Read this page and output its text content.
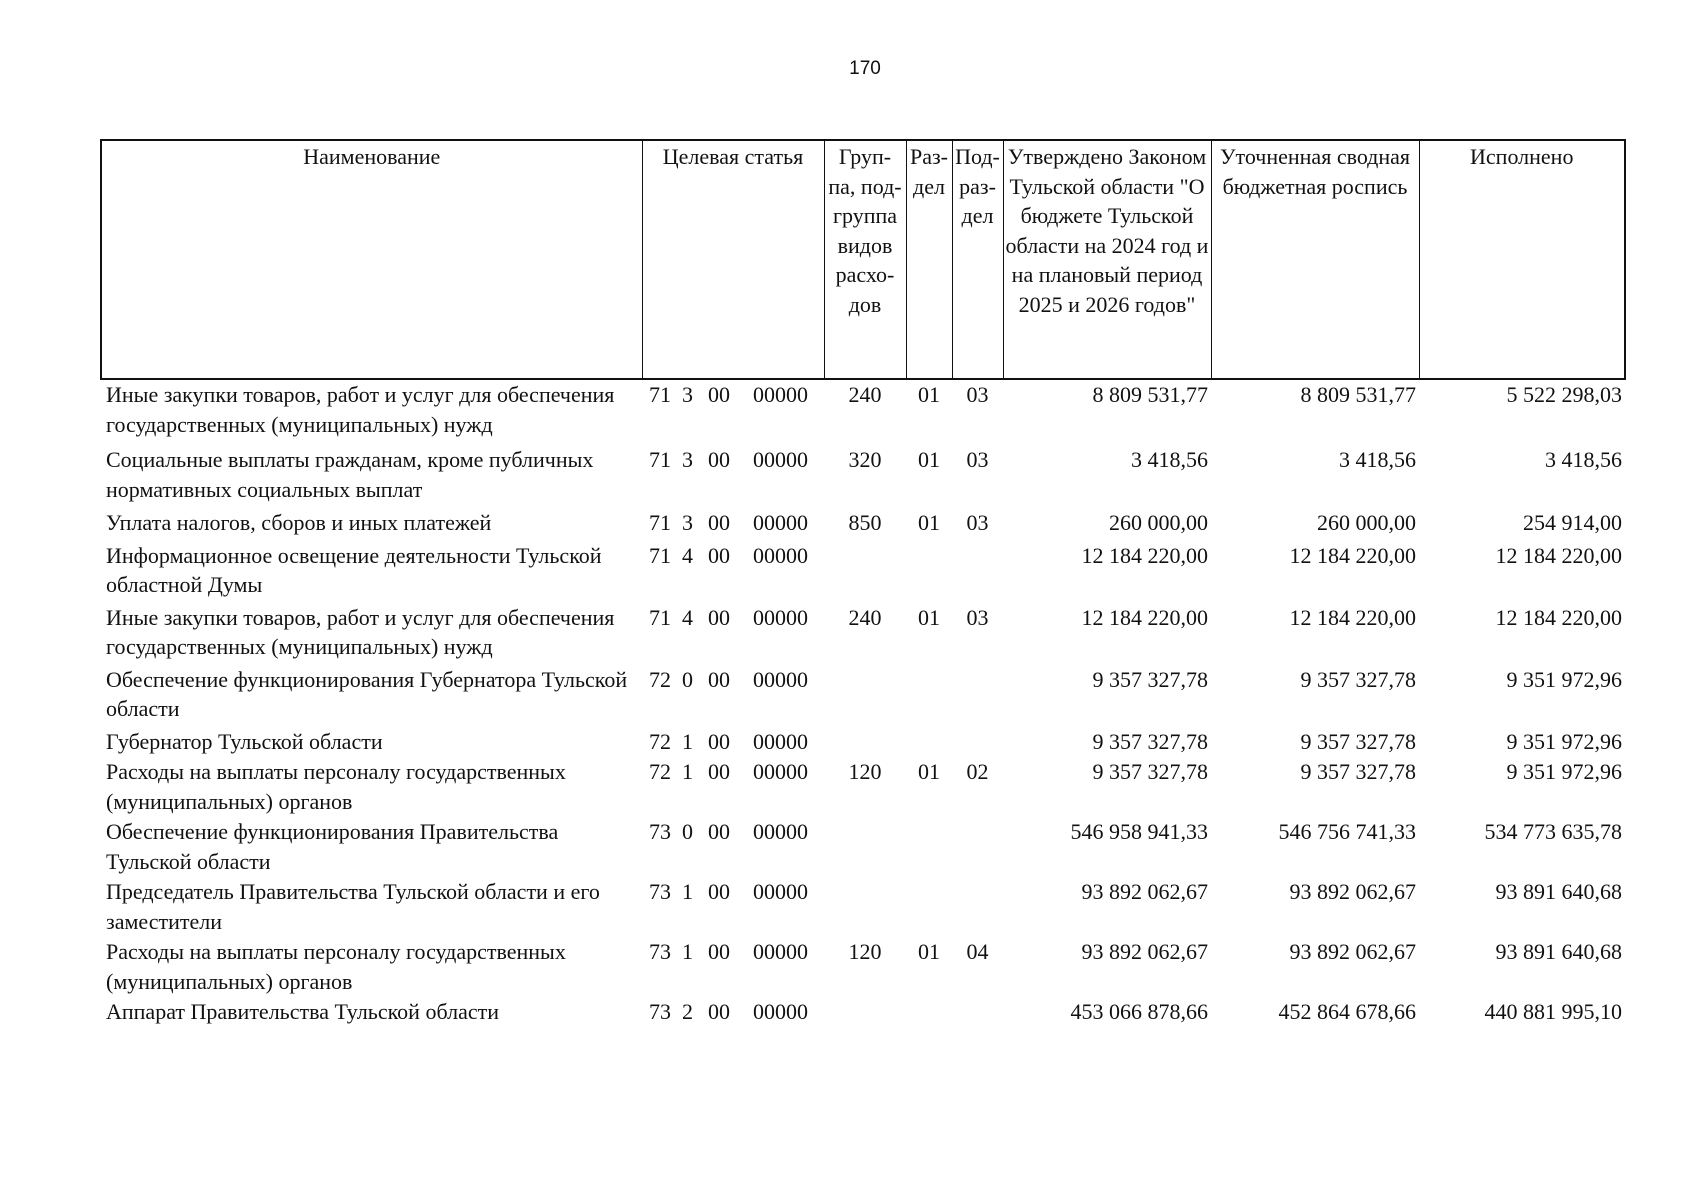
170
Наименование	Целевая статья	Груп-па, под-группа видов расхо-дов	Раз-дел	Под-раз-дел	Утверждено Законом Тульской области "О бюджете Тульской области на 2024 год и на плановый период 2025 и 2026 годов"	Уточненная сводная бюджетная роспись	Исполнено
Иные закупки товаров, работ и услуг для обеспечения государственных (муниципальных) нужд	71 3 00 00000	240	01	03	8 809 531,77	8 809 531,77	5 522 298,03
Социальные выплаты гражданам, кроме публичных нормативных социальных выплат	71 3 00 00000	320	01	03	3 418,56	3 418,56	3 418,56
Уплата налогов, сборов и иных платежей	71 3 00 00000	850	01	03	260 000,00	260 000,00	254 914,00
Информационное освещение деятельности Тульской областной Думы	71 4 00 00000				12 184 220,00	12 184 220,00	12 184 220,00
Иные закупки товаров, работ и услуг для обеспечения государственных (муниципальных) нужд	71 4 00 00000	240	01	03	12 184 220,00	12 184 220,00	12 184 220,00
Обеспечение функционирования Губернатора Тульской области	72 0 00 00000				9 357 327,78	9 357 327,78	9 351 972,96
Губернатор Тульской области	72 1 00 00000				9 357 327,78	9 357 327,78	9 351 972,96
Расходы на выплаты персоналу государственных (муниципальных) органов	72 1 00 00000	120	01	02	9 357 327,78	9 357 327,78	9 351 972,96
Обеспечение функционирования Правительства Тульской области	73 0 00 00000				546 958 941,33	546 756 741,33	534 773 635,78
Председатель Правительства Тульской области и его заместители	73 1 00 00000				93 892 062,67	93 892 062,67	93 891 640,68
Расходы на выплаты персоналу государственных (муниципальных) органов	73 1 00 00000	120	01	04	93 892 062,67	93 892 062,67	93 891 640,68
Аппарат Правительства Тульской области	73 2 00 00000				453 066 878,66	452 864 678,66	440 881 995,10
